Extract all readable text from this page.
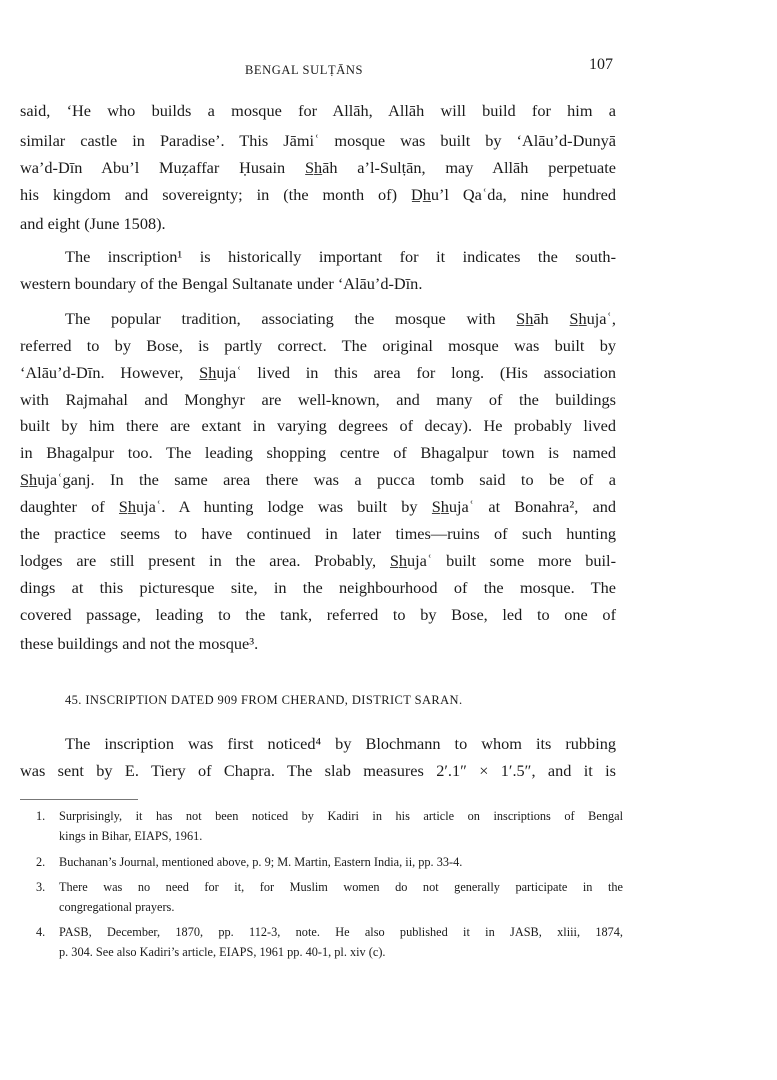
BENGAL SULṬĀNS	107
said, ‘He who builds a mosque for Allāh, Allāh will build for him a
similar castle in Paradise’. This Jāmiʿ mosque was built by ‘Alāu’d-Dunyā
wa’d-Dīn Abu’l Muẓaffar Ḥusain S̲h̲āh a’l-Sulṭān, may Allāh perpetuate
his kingdom and sovereignty; in (the month of) D̲h̲u’l Qaʿda, nine hundred
and eight (June 1508).
The inscription¹ is historically important for it indicates the south-
western boundary of the Bengal Sultanate under ‘Alāu’d-Dīn.
The popular tradition, associating the mosque with S̲h̲āh S̲h̲ujaʿ,
referred to by Bose, is partly correct. The original mosque was built by
‘Alāu’d-Dīn. However, S̲h̲ujaʿ lived in this area for long. (His association
with Rajmahal and Monghyr are well-known, and many of the buildings
built by him there are extant in varying degrees of decay). He probably lived
in Bhagalpur too. The leading shopping centre of Bhagalpur town is named
S̲h̲ujaʿganj. In the same area there was a pucca tomb said to be of a
daughter of S̲h̲ujaʿ. A hunting lodge was built by S̲h̲ujaʿ at Bonahra², and
the practice seems to have continued in later times—ruins of such hunting
lodges are still present in the area. Probably, S̲h̲ujaʿ built some more buil-
dings at this picturesque site, in the neighbourhood of the mosque. The
covered passage, leading to the tank, referred to by Bose, led to one of
these buildings and not the mosque³.
45. INSCRIPTION DATED 909 FROM CHERAND, DISTRICT SARAN.
The inscription was first noticed⁴ by Blochmann to whom its rubbing
was sent by E. Tiery of Chapra. The slab measures 2′.1″ × 1′.5″, and it is
1.	Surprisingly, it has not been noticed by Kadiri in his article on inscriptions of Bengal
kings in Bihar, EIAPS, 1961.
2.	Buchanan’s Journal, mentioned above, p. 9; M. Martin, Eastern India, ii, pp. 33-4.
3.	There was no need for it, for Muslim women do not generally participate in the
congregational prayers.
4.	PASB, December, 1870, pp. 112-3, note. He also published it in JASB, xliii, 1874,
p. 304. See also Kadiri’s article, EIAPS, 1961 pp. 40-1, pl. xiv (c).
